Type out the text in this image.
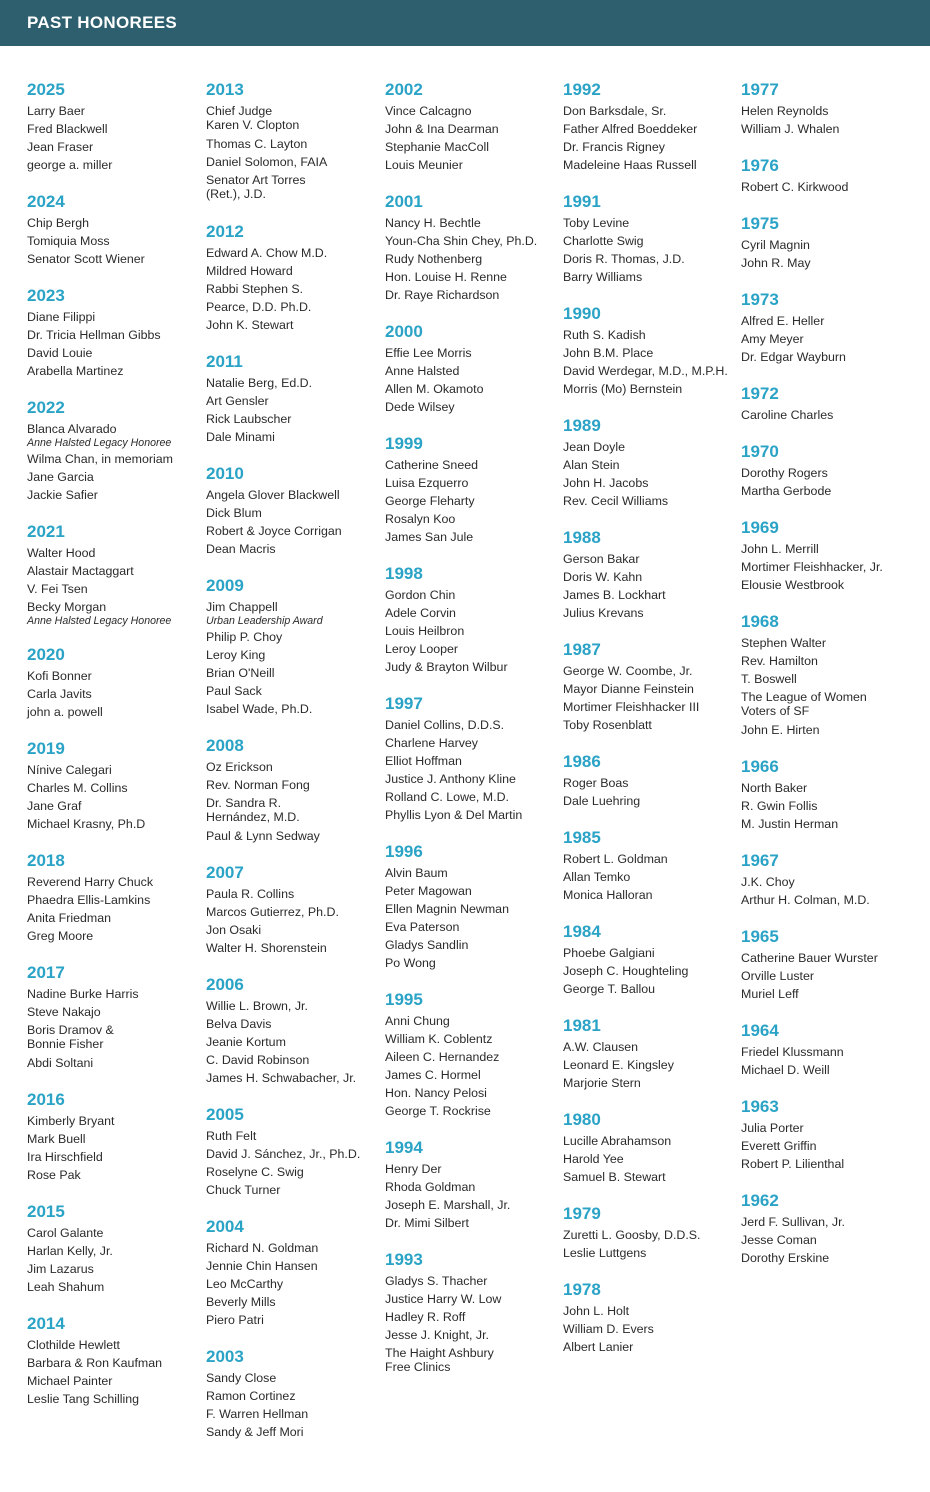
PAST HONOREES
2025
Larry Baer
Fred Blackwell
Jean Fraser
george a. miller
2024
Chip Bergh
Tomiquia Moss
Senator Scott Wiener
2023
Diane Filippi
Dr. Tricia Hellman Gibbs
David Louie
Arabella Martinez
2022
Blanca Alvarado
Anne Halsted Legacy Honoree
Wilma Chan, in memoriam
Jane Garcia
Jackie Safier
2021
Walter Hood
Alastair Mactaggart
V. Fei Tsen
Becky Morgan
Anne Halsted Legacy Honoree
2020
Kofi Bonner
Carla Javits
john a. powell
2019
Nínive Calegari
Charles M. Collins
Jane Graf
Michael Krasny, Ph.D
2018
Reverend Harry Chuck
Phaedra Ellis-Lamkins
Anita Friedman
Greg Moore
2017
Nadine Burke Harris
Steve Nakajo
Boris Dramov &
Bonnie Fisher
Abdi Soltani
2016
Kimberly Bryant
Mark Buell
Ira Hirschfield
Rose Pak
2015
Carol Galante
Harlan Kelly, Jr.
Jim Lazarus
Leah Shahum
2014
Clothilde Hewlett
Barbara & Ron Kaufman
Michael Painter
Leslie Tang Schilling
2013
Chief Judge
Karen V. Clopton
Thomas C. Layton
Daniel Solomon, FAIA
Senator Art Torres
(Ret.), J.D.
2012
Edward A. Chow M.D.
Mildred Howard
Rabbi Stephen S.
Pearce, D.D. Ph.D.
John K. Stewart
2011
Natalie Berg, Ed.D.
Art Gensler
Rick Laubscher
Dale Minami
2010
Angela Glover Blackwell
Dick Blum
Robert & Joyce Corrigan
Dean Macris
2009
Jim Chappell
Urban Leadership Award
Philip P. Choy
Leroy King
Brian O'Neill
Paul Sack
Isabel Wade, Ph.D.
2008
Oz Erickson
Rev. Norman Fong
Dr. Sandra R.
Hernández, M.D.
Paul & Lynn Sedway
2007
Paula R. Collins
Marcos Gutierrez, Ph.D.
Jon Osaki
Walter H. Shorenstein
2006
Willie L. Brown, Jr.
Belva Davis
Jeanie Kortum
C. David Robinson
James H. Schwabacher, Jr.
2005
Ruth Felt
David J. Sánchez, Jr., Ph.D.
Roselyne C. Swig
Chuck Turner
2004
Richard N. Goldman
Jennie Chin Hansen
Leo McCarthy
Beverly Mills
Piero Patri
2003
Sandy Close
Ramon Cortinez
F. Warren Hellman
Sandy & Jeff Mori
2002
Vince Calcagno
John & Ina Dearman
Stephanie MacColl
Louis Meunier
2001
Nancy H. Bechtle
Youn-Cha Shin Chey, Ph.D.
Rudy Nothenberg
Hon. Louise H. Renne
Dr. Raye Richardson
2000
Effie Lee Morris
Anne Halsted
Allen M. Okamoto
Dede Wilsey
1999
Catherine Sneed
Luisa Ezquerro
George Fleharty
Rosalyn Koo
James San Jule
1998
Gordon Chin
Adele Corvin
Louis Heilbron
Leroy Looper
Judy & Brayton Wilbur
1997
Daniel Collins, D.D.S.
Charlene Harvey
Elliot Hoffman
Justice J. Anthony Kline
Rolland C. Lowe, M.D.
Phyllis Lyon & Del Martin
1996
Alvin Baum
Peter Magowan
Ellen Magnin Newman
Eva Paterson
Gladys Sandlin
Po Wong
1995
Anni Chung
William K. Coblentz
Aileen C. Hernandez
James C. Hormel
Hon. Nancy Pelosi
George T. Rockrise
1994
Henry Der
Rhoda Goldman
Joseph E. Marshall, Jr.
Dr. Mimi Silbert
1993
Gladys S. Thacher
Justice Harry W. Low
Hadley R. Roff
Jesse J. Knight, Jr.
The Haight Ashbury
Free Clinics
1992
Don Barksdale, Sr.
Father Alfred Boeddeker
Dr. Francis Rigney
Madeleine Haas Russell
1991
Toby Levine
Charlotte Swig
Doris R. Thomas, J.D.
Barry Williams
1990
Ruth S. Kadish
John B.M. Place
David Werdegar, M.D., M.P.H.
Morris (Mo) Bernstein
1989
Jean Doyle
Alan Stein
John H. Jacobs
Rev. Cecil Williams
1988
Gerson Bakar
Doris W. Kahn
James B. Lockhart
Julius Krevans
1987
George W. Coombe, Jr.
Mayor Dianne Feinstein
Mortimer Fleishhacker III
Toby Rosenblatt
1986
Roger Boas
Dale Luehring
1985
Robert L. Goldman
Allan Temko
Monica Halloran
1984
Phoebe Galgiani
Joseph C. Houghteling
George T. Ballou
1981
A.W. Clausen
Leonard E. Kingsley
Marjorie Stern
1980
Lucille Abrahamson
Harold Yee
Samuel B. Stewart
1979
Zuretti L. Goosby, D.D.S.
Leslie Luttgens
1978
John L. Holt
William D. Evers
Albert Lanier
1977
Helen Reynolds
William J. Whalen
1976
Robert C. Kirkwood
1975
Cyril Magnin
John R. May
1973
Alfred E. Heller
Amy Meyer
Dr. Edgar Wayburn
1972
Caroline Charles
1970
Dorothy Rogers
Martha Gerbode
1969
John L. Merrill
Mortimer Fleishhacker, Jr.
Elousie Westbrook
1968
Stephen Walter
Rev. Hamilton
T. Boswell
The League of Women
Voters of SF
John E. Hirten
1966
North Baker
R. Gwin Follis
M. Justin Herman
1967
J.K. Choy
Arthur H. Colman, M.D.
1965
Catherine Bauer Wurster
Orville Luster
Muriel Leff
1964
Friedel Klussmann
Michael D. Weill
1963
Julia Porter
Everett Griffin
Robert P. Lilienthal
1962
Jerd F. Sullivan, Jr.
Jesse Coman
Dorothy Erskine
